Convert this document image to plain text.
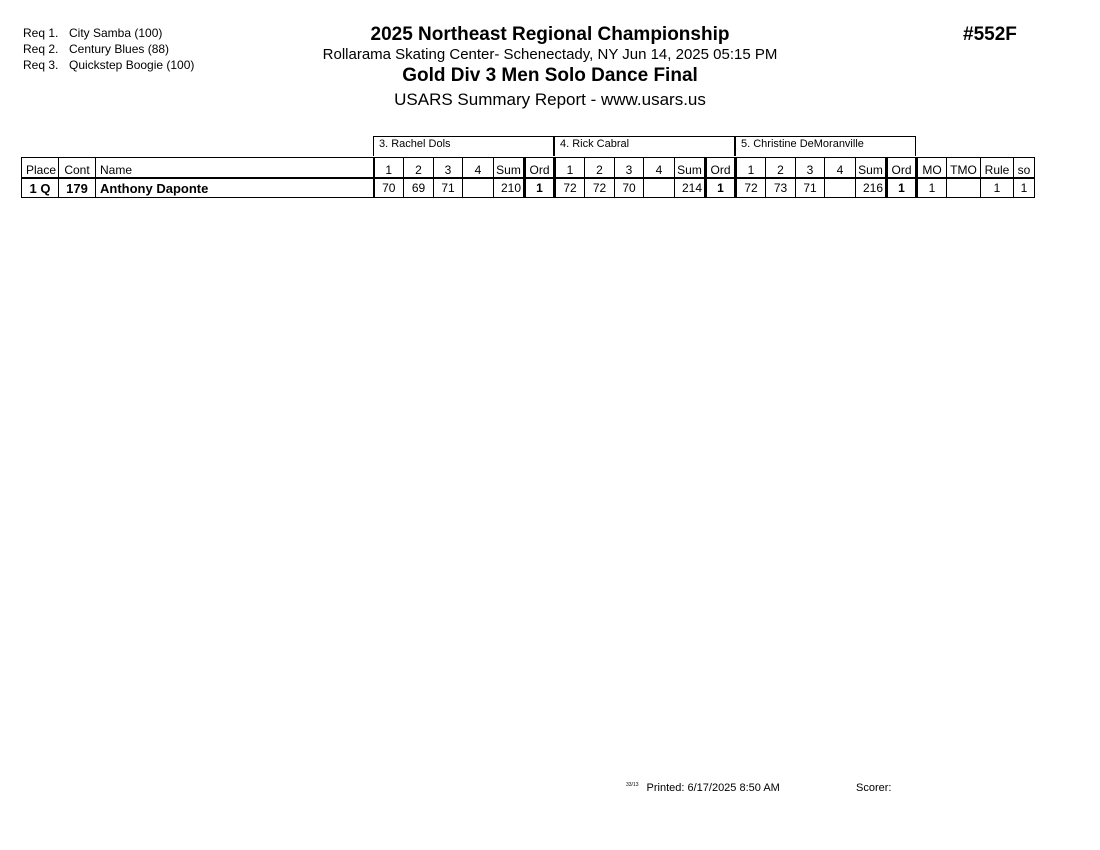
Req 1. City Samba (100)
Req 2. Century Blues (88)
Req 3. Quickstep Boogie (100)
2025 Northeast Regional Championship
Rollarama Skating Center- Schenectady, NY Jun 14, 2025 05:15 PM
Gold Div 3 Men Solo Dance Final
USARS Summary Report - www.usars.us
#552F
3. Rachel Dols	4. Rick Cabral	5. Christine DeMoranville
Place	Cont	Name	1	2	3	4	Sum	Ord	1	2	3	4	Sum	Ord	1	2	3	4	Sum	Ord	MO	TMO	Rule	so
1 Q	179	Anthony Daponte	70	69	71		210	1	72	72	70		214	1	72	73	71		216	1	1		1	1
$^{33/13}$ Printed: 6/17/2025 8:50 AM	Scorer:
